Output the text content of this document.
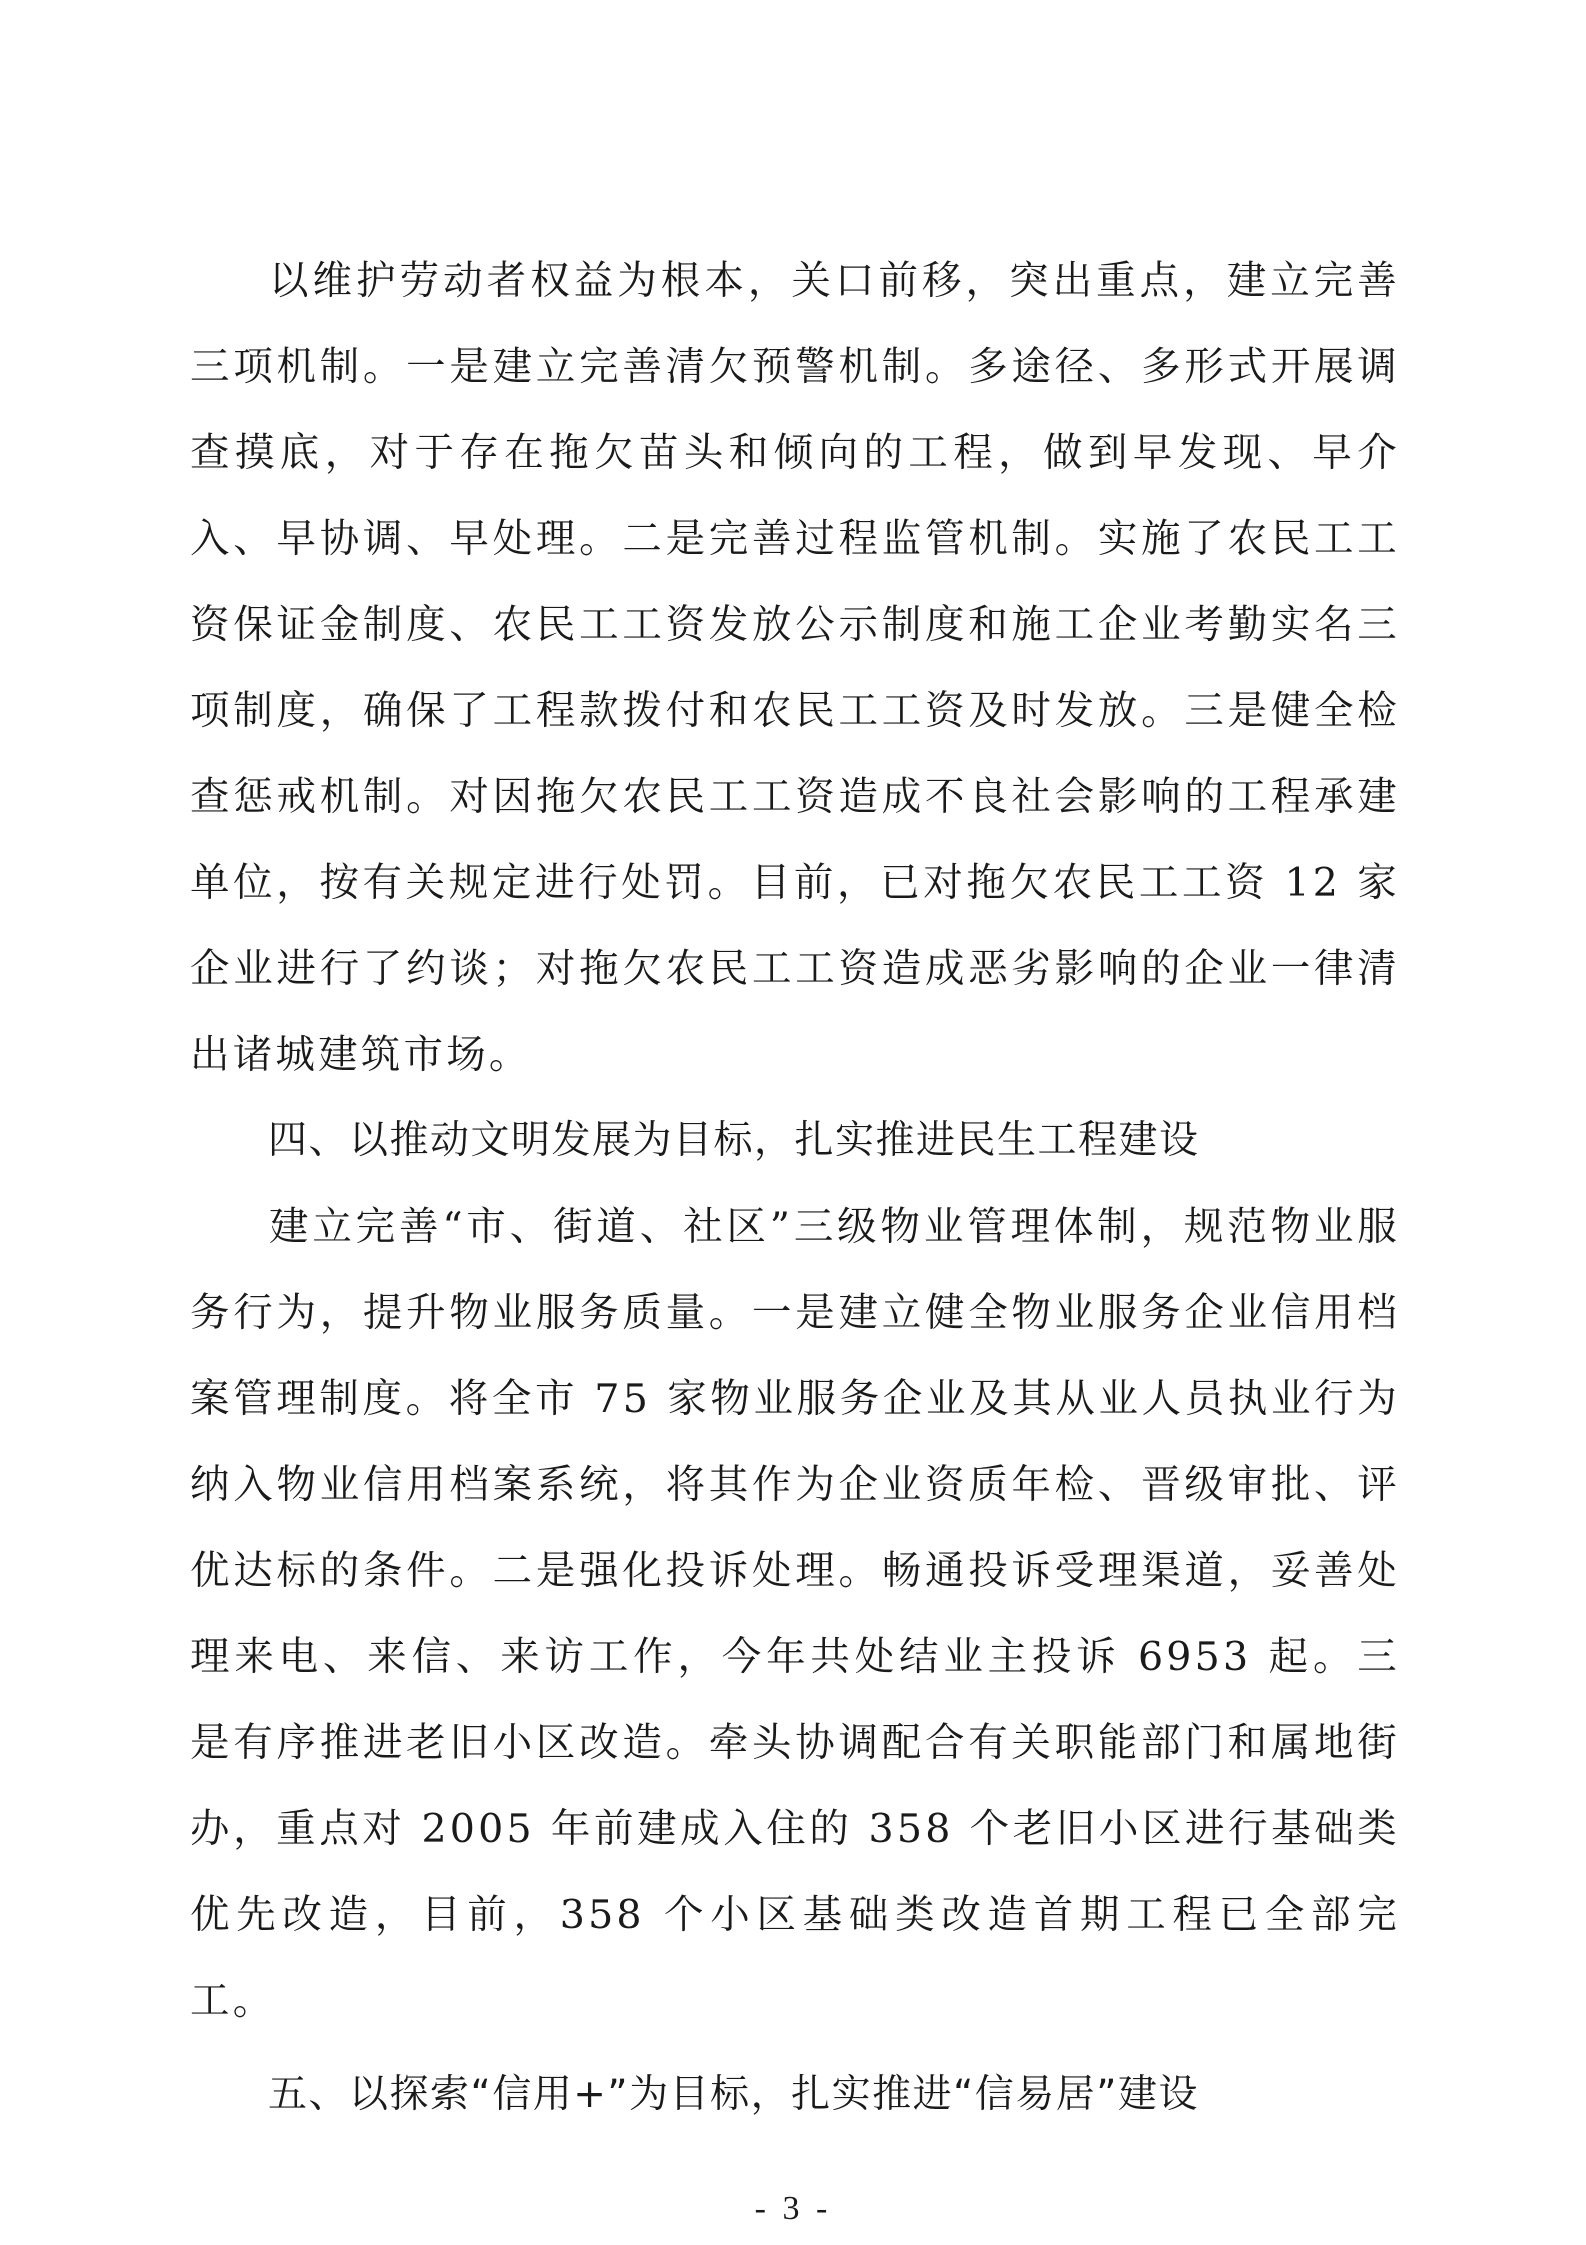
以维护劳动者权益为根本，关口前移，突出重点，建立完善三项机制。一是建立完善清欠预警机制。多途径、多形式开展调查摸底，对于存在拖欠苗头和倾向的工程，做到早发现、早介入、早协调、早处理。二是完善过程监管机制。实施了农民工工资保证金制度、农民工工资发放公示制度和施工企业考勤实名三项制度，确保了工程款拨付和农民工工资及时发放。三是健全检查惩戒机制。对因拖欠农民工工资造成不良社会影响的工程承建单位，按有关规定进行处罚。目前，已对拖欠农民工工资 12 家企业进行了约谈；对拖欠农民工工资造成恶劣影响的企业一律清出诸城建筑市场。

四、以推动文明发展为目标，扎实推进民生工程建设

建立完善“市、街道、社区”三级物业管理体制，规范物业服务行为，提升物业服务质量。一是建立健全物业服务企业信用档案管理制度。将全市 75 家物业服务企业及其从业人员执业行为纳入物业信用档案系统，将其作为企业资质年检、晋级审批、评优达标的条件。二是强化投诉处理。畅通投诉受理渠道，妥善处理来电、来信、来访工作，今年共处结业主投诉 6953 起。三是有序推进老旧小区改造。牵头协调配合有关职能部门和属地街办，重点对 2005 年前建成入住的 358 个老旧小区进行基础类优先改造，目前，358 个小区基础类改造首期工程已全部完工。

五、以探索“信用+”为目标，扎实推进“信易居”建设
- 3 -
